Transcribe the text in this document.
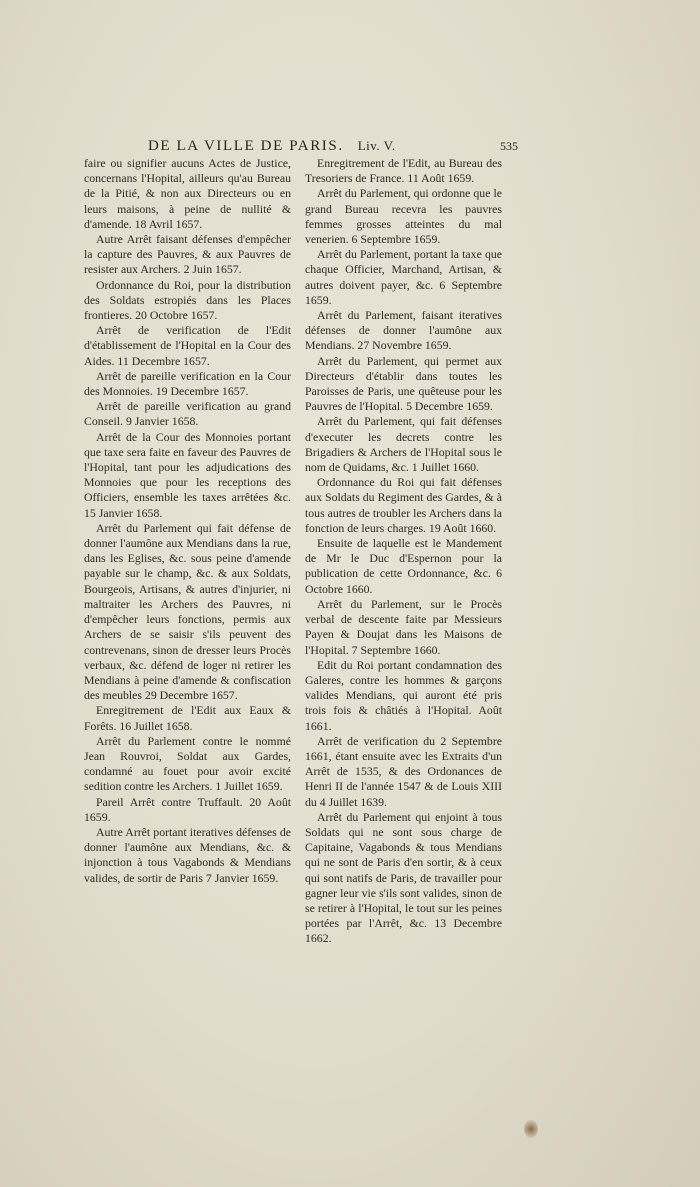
DE LA VILLE DE PARIS. Liv. V.	535

faire ou signifier aucuns Actes de Justice, concernans l'Hopital, ailleurs qu'au Bureau de la Pitié, & non aux Directeurs ou en leurs maisons, à peine de nullité & d'amende. 18 Avril 1657.

Autre Arrêt faisant défenses d'empêcher la capture des Pauvres, & aux Pauvres de resister aux Archers. 2 Juin 1657.

Ordonnance du Roi, pour la distribution des Soldats estropiés dans les Places frontieres. 20 Octobre 1657.

Arrêt de verification de l'Edit d'établissement de l'Hopital en la Cour des Aides. 11 Decembre 1657.

Arrêt de pareille verification en la Cour des Monnoies. 19 Decembre 1657.

Arrêt de pareille verification au grand Conseil. 9 Janvier 1658.

Arrêt de la Cour des Monnoies portant que taxe sera faite en faveur des Pauvres de l'Hopital, tant pour les adjudications des Monnoies que pour les receptions des Officiers, ensemble les taxes arrêtées &c. 15 Janvier 1658.

Arrêt du Parlement qui fait défense de donner l'aumône aux Mendians dans la rue, dans les Eglises, &c. sous peine d'amende payable sur le champ, &c. & aux Soldats, Bourgeois, Artisans, & autres d'injurier, ni maltraiter les Archers des Pauvres, ni d'empêcher leurs fonctions, permis aux Archers de se saisir s'ils peuvent des contrevenans, sinon de dresser leurs Procès verbaux, &c. défend de loger ni retirer les Mendians à peine d'amende & confiscation des meubles 29 Decembre 1657.

Enregitrement de l'Edit aux Eaux & Forêts. 16 Juillet 1658.

Arrêt du Parlement contre le nommé Jean Rouvroi, Soldat aux Gardes, condamné au fouet pour avoir excité sedition contre les Archers. 1 Juillet 1659.

Pareil Arrêt contre Truffault. 20 Août 1659.

Autre Arrêt portant iteratives défenses de donner l'aumône aux Mendians, &c. & injonction à tous Vagabonds & Mendians valides, de sortir de Paris 7 Janvier 1659.

Enregitrement de l'Edit, au Bureau des Tresoriers de France. 11 Août 1659.

Arrêt du Parlement, qui ordonne que le grand Bureau recevra les pauvres femmes grosses atteintes du mal venerien. 6 Septembre 1659.

Arrêt du Parlement, portant la taxe que chaque Officier, Marchand, Artisan, & autres doivent payer, &c. 6 Septembre 1659.

Arrêt du Parlement, faisant iteratives défenses de donner l'aumône aux Mendians. 27 Novembre 1659.

Arrêt du Parlement, qui permet aux Directeurs d'établir dans toutes les Paroisses de Paris, une quêteuse pour les Pauvres de l'Hopital. 5 Decembre 1659.

Arrêt du Parlement, qui fait défenses d'executer les decrets contre les Brigadiers & Archers de l'Hopital sous le nom de Quidams, &c. 1 Juillet 1660.

Ordonnance du Roi qui fait défenses aux Soldats du Regiment des Gardes, & à tous autres de troubler les Archers dans la fonction de leurs charges. 19 Août 1660.

Ensuite de laquelle est le Mandement de Mr le Duc d'Espernon pour la publication de cette Ordonnance, &c. 6 Octobre 1660.

Arrêt du Parlement, sur le Procès verbal de descente faite par Messieurs Payen & Doujat dans les Maisons de l'Hopital. 7 Septembre 1660.

Edit du Roi portant condamnation des Galeres, contre les hommes & garçons valides Mendians, qui auront été pris trois fois & châtiés à l'Hopital. Août 1661.

Arrêt de verification du 2 Septembre 1661, étant ensuite avec les Extraits d'un Arrêt de 1535, & des Ordonances de Henri II de l'année 1547 & de Louis XIII du 4 Juillet 1639.

Arrêt du Parlement qui enjoint à tous Soldats qui ne sont sous charge de Capitaine, Vagabonds & tous Mendians qui ne sont de Paris d'en sortir, & à ceux qui sont natifs de Paris, de travailler pour gagner leur vie s'ils sont valides, sinon de se retirer à l'Hopital, le tout sur les peines portées par l'Arrêt, &c. 13 Decembre 1662.
